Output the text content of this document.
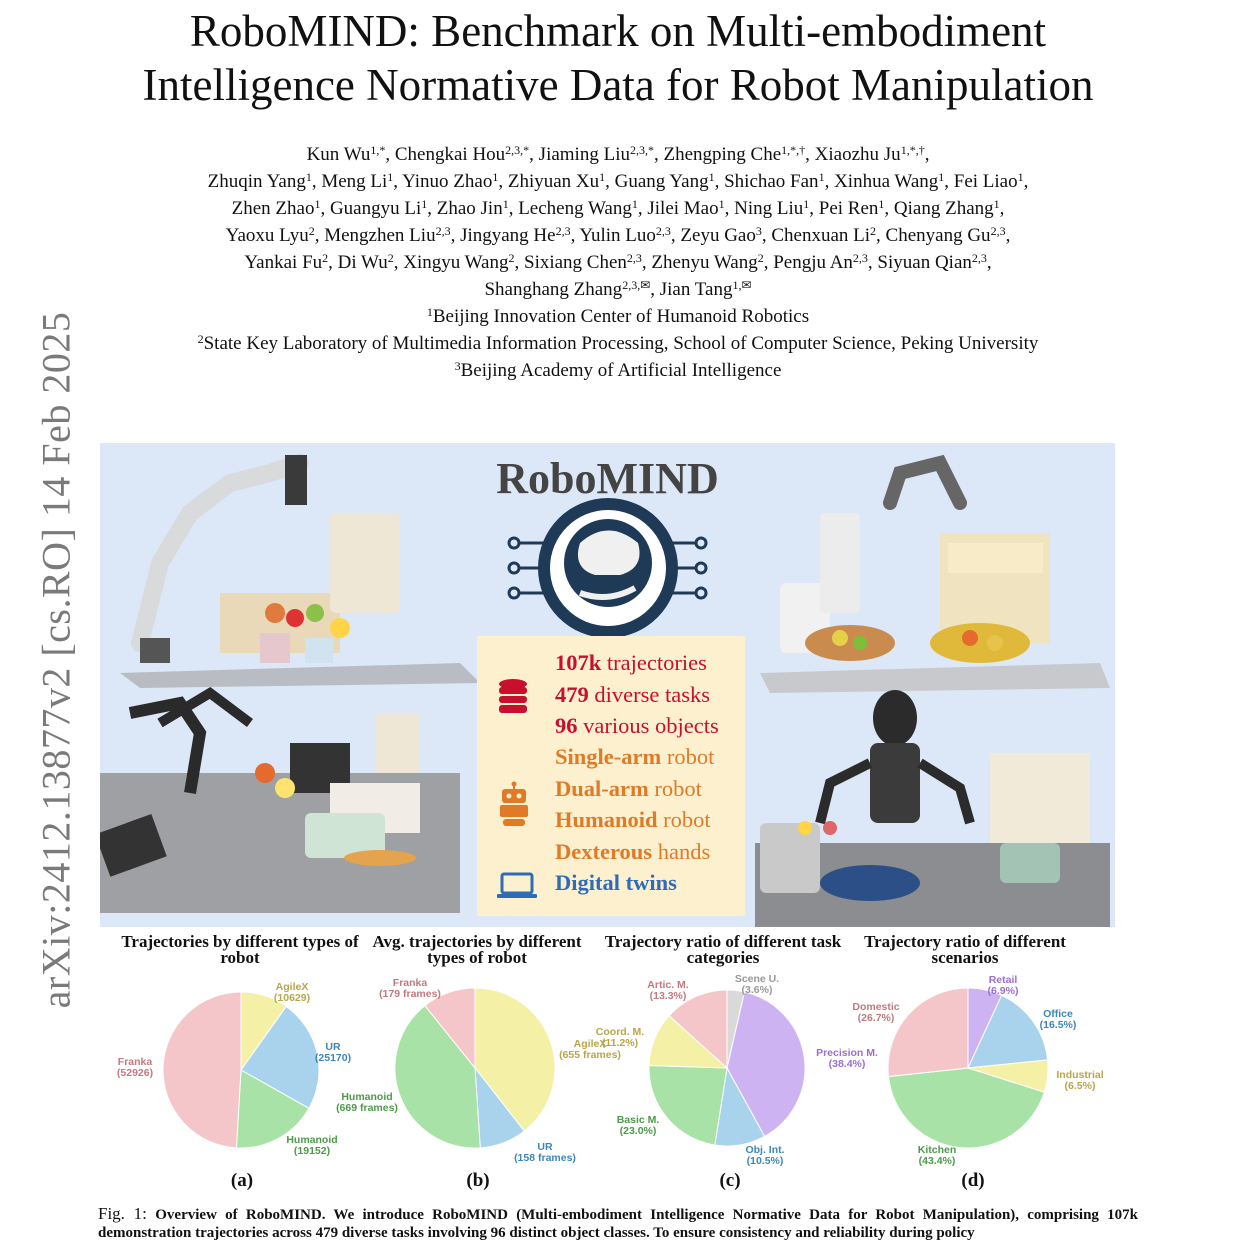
arXiv:2412.13877v2 [cs.RO] 14 Feb 2025
RoboMIND: Benchmark on Multi-embodiment
Intelligence Normative Data for Robot Manipulation
Kun $Wu^{1,*}$, Chengkai Hou$^{2,3,*}$, Jiaming Liu$^{2,3,*}$, Zhengping Che$^{1,*,\dagger}$, Xiaozhu $Ju^{1,*,\dagger}$,
Zhuqin Yang$^1$, Meng Li$^1$, Yinuo Zhao$^1$, Zhiyuan Xu$^1$, Guang Yang$^1$, Shichao Fan$^1$, Xinhua Wang$^1$, Fei Liao$^1$,
Zhen Zhao$^1$, Guangyu Li$^1$, Zhao Jin$^1$, Lecheng Wang$^1$, Jilei Mao$^1$, Ning Liu$^1$, Pei Ren$^1$, Qiang Zhang$^1$,
Yaoxu Lyu$^2$, Mengzhen Liu$^{2,3}$, Jingyang He$^{2,3}$, Yulin Luo$^{2,3}$, Zeyu Gao$^3$, Chenxuan Li$^2$, Chenyang Gu$^{2,3}$,
Yankai Fu$^2$, Di Wu$^2$, Xingyu Wang$^2$, Sixiang Chen$^{2,3}$, Zhenyu Wang$^2$, Pengju An$^{2,3}$, Siyuan Qian$^{2,3}$,
Shanghang Zhang$^{2,3,✉}$, Jian Tang$^{1,✉}$
$^1$Beijing Innovation Center of Humanoid Robotics
$^2$State Key Laboratory of Multimedia Information Processing, School of Computer Science, Peking University
$^3$Beijing Academy of Artificial Intelligence
RoboMIND
107k trajectories
479 diverse tasks
96 various objects
Single-arm robot
Dual-arm robot
Humanoid robot
Dexterous hands
Digital twins
Trajectories by different types of robot
Avg. trajectories by different types of robot
Trajectory ratio of different task categories
Trajectory ratio of different scenarios
AgileX (10629)
UR (25170)
Humanoid (19152)
Franka (52926)
AgileX (655 frames)
UR (158 frames)
Humanoid (669 frames)
Franka (179 frames)
Scene U. (3.6%)
Precision M. (38.4%)
Obj. Int. (10.5%)
Basic M. (23.0%)
Coord. M. (11.2%)
Artic. M. (13.3%)
Retail (6.9%)
Office (16.5%)
Industrial (6.5%)
Kitchen (43.4%)
Domestic (26.7%)
(a)	(b)	(c)	(d)
Fig. 1: Overview of RoboMIND. We introduce RoboMIND (Multi-embodiment Intelligence Normative Data for Robot Manipulation), comprising 107k demonstration trajectories across 479 diverse tasks involving 96 distinct object classes. To ensure consistency and reliability during policy
